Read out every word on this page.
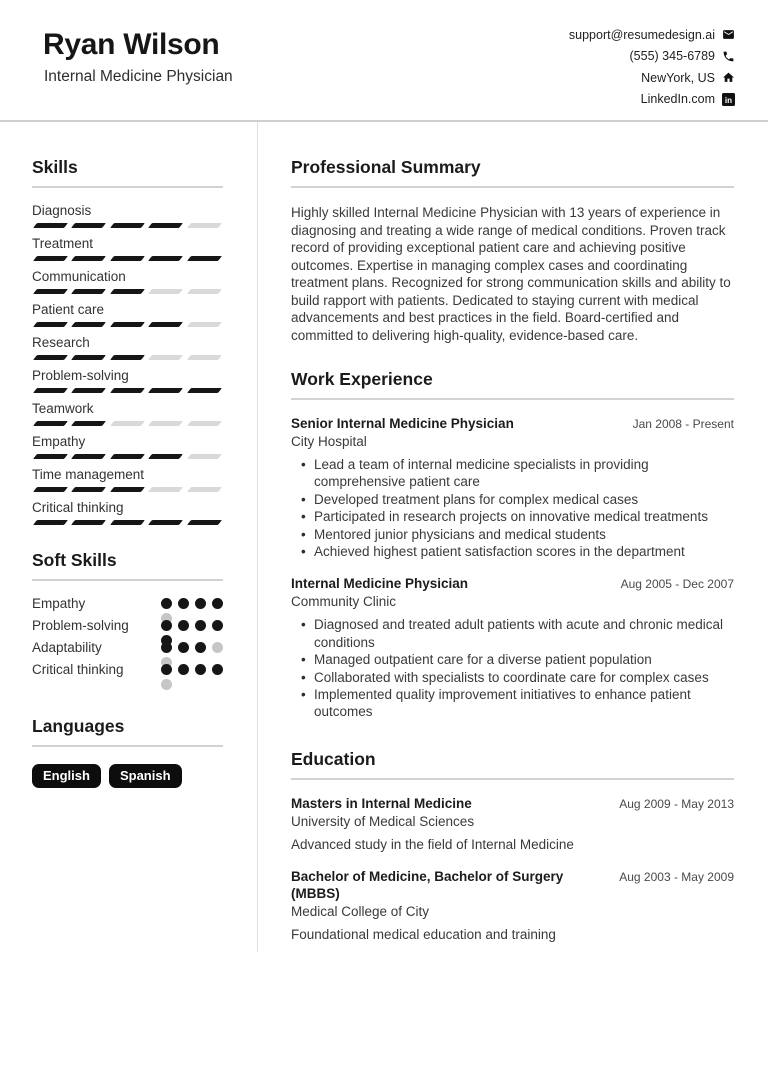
Ryan Wilson
Internal Medicine Physician
support@resumedesign.ai
(555) 345-6789
NewYork, US
LinkedIn.com in
Skills
Diagnosis
Treatment
Communication
Patient care
Research
Problem-solving
Teamwork
Empathy
Time management
Critical thinking
Soft Skills
Empathy
Problem-solving
Adaptability
Critical thinking
Languages
English	Spanish
Professional Summary
Highly skilled Internal Medicine Physician with 13 years of experience in diagnosing and treating a wide range of medical conditions. Proven track record of providing exceptional patient care and achieving positive outcomes. Expertise in managing complex cases and coordinating treatment plans. Recognized for strong communication skills and ability to build rapport with patients. Dedicated to staying current with medical advancements and best practices in the field. Board-certified and committed to delivering high-quality, evidence-based care.
Work Experience
Senior Internal Medicine Physician	Jan 2008 - Present
City Hospital
• Lead a team of internal medicine specialists in providing comprehensive patient care
• Developed treatment plans for complex medical cases
• Participated in research projects on innovative medical treatments
• Mentored junior physicians and medical students
• Achieved highest patient satisfaction scores in the department
Internal Medicine Physician	Aug 2005 - Dec 2007
Community Clinic
• Diagnosed and treated adult patients with acute and chronic medical conditions
• Managed outpatient care for a diverse patient population
• Collaborated with specialists to coordinate care for complex cases
• Implemented quality improvement initiatives to enhance patient outcomes
Education
Masters in Internal Medicine	Aug 2009 - May 2013
University of Medical Sciences
Advanced study in the field of Internal Medicine
Bachelor of Medicine, Bachelor of Surgery (MBBS)
Aug 2003 - May 2009
Medical College of City
Foundational medical education and training
